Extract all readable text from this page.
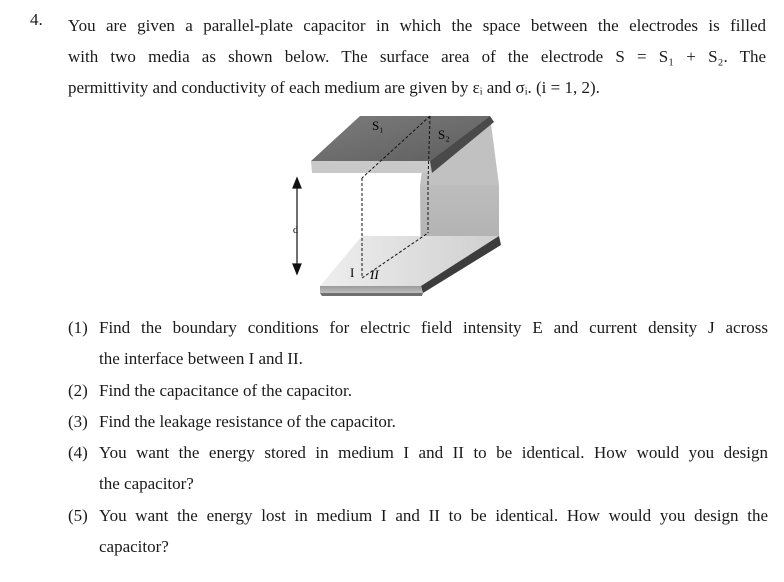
4. You are given a parallel-plate capacitor in which the space between the electrodes is filled
with two media as shown below. The surface area of the electrode S = S₁ + S₂. The
permittivity and conductivity of each medium are given by εᵢ and σᵢ. (i = 1, 2).
d
S₁
S₂
I II
(1) Find the boundary conditions for electric field intensity E and current density J across
the interface between I and II.
(2) Find the capacitance of the capacitor.
(3) Find the leakage resistance of the capacitor.
(4) You want the energy stored in medium I and II to be identical. How would you design
the capacitor?
(5) You want the energy lost in medium I and II to be identical. How would you design the
capacitor?
